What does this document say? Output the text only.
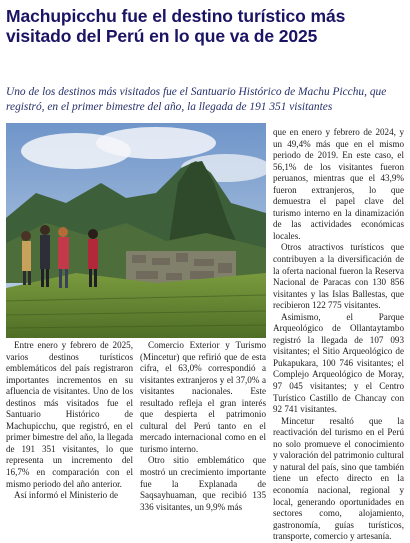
Machupicchu fue el destino turístico más visitado del Perú en lo que va de 2025
Uno de los destinos más visitados fue el Santuario Histórico de Machu Picchu, que registró, en el primer bimestre del año, la llegada de 191 351 visitantes

Entre enero y febrero de 2025, varios destinos turísticos emblemáticos del país registraron importantes incrementos en su afluencia de visitantes. Uno de los destinos más visitados fue el Santuario Histórico de Machupicchu, que registró, en el primer bimestre del año, la llegada de 191 351 visitantes, lo que representa un incremento del 16,7% en comparación con el mismo periodo del año anterior.

Así informó el Ministerio de

Comercio Exterior y Turismo (Mincetur) que refirió que de esta cifra, el 63,0% correspondió a visitantes extranjeros y el 37,0% a visitantes nacionales. Este resultado refleja el gran interés que despierta el patrimonio cultural del Perú tanto en el mercado internacional como en el turismo interno.

Otro sitio emblemático que mostró un crecimiento importante fue la Explanada de Saqsayhuaman, que recibió 135 336 visitantes, un 9,9% más

que en enero y febrero de 2024, y un 49,4% más que en el mismo periodo de 2019. En este caso, el 56,1% de los visitantes fueron peruanos, mientras que el 43,9% fueron extranjeros, lo que demuestra el papel clave del turismo interno en la dinamización de las actividades económicas locales.

Otros atractivos turísticos que contribuyen a la diversificación de la oferta nacional fueron la Reserva Nacional de Paracas con 130 856 visitantes y las Islas Ballestas, que recibieron 122 775 visitantes.

Asimismo, el Parque Arqueológico de Ollantaytambo registró la llegada de 107 093 visitantes; el Sitio Arqueológico de Pukapukara, 100 746 visitantes; el Complejo Arqueológico de Moray, 97 045 visitantes; y el Centro Turístico Castillo de Chancay con 92 741 visitantes.

Mincetur resaltó que la reactivación del turismo en el Perú no solo promueve el conocimiento y valoración del patrimonio cultural y natural del país, sino que también tiene un efecto directo en la economía nacional, regional y local, generando oportunidades en sectores como, alojamiento, gastronomía, guías turísticos, transporte, comercio y artesanía.
